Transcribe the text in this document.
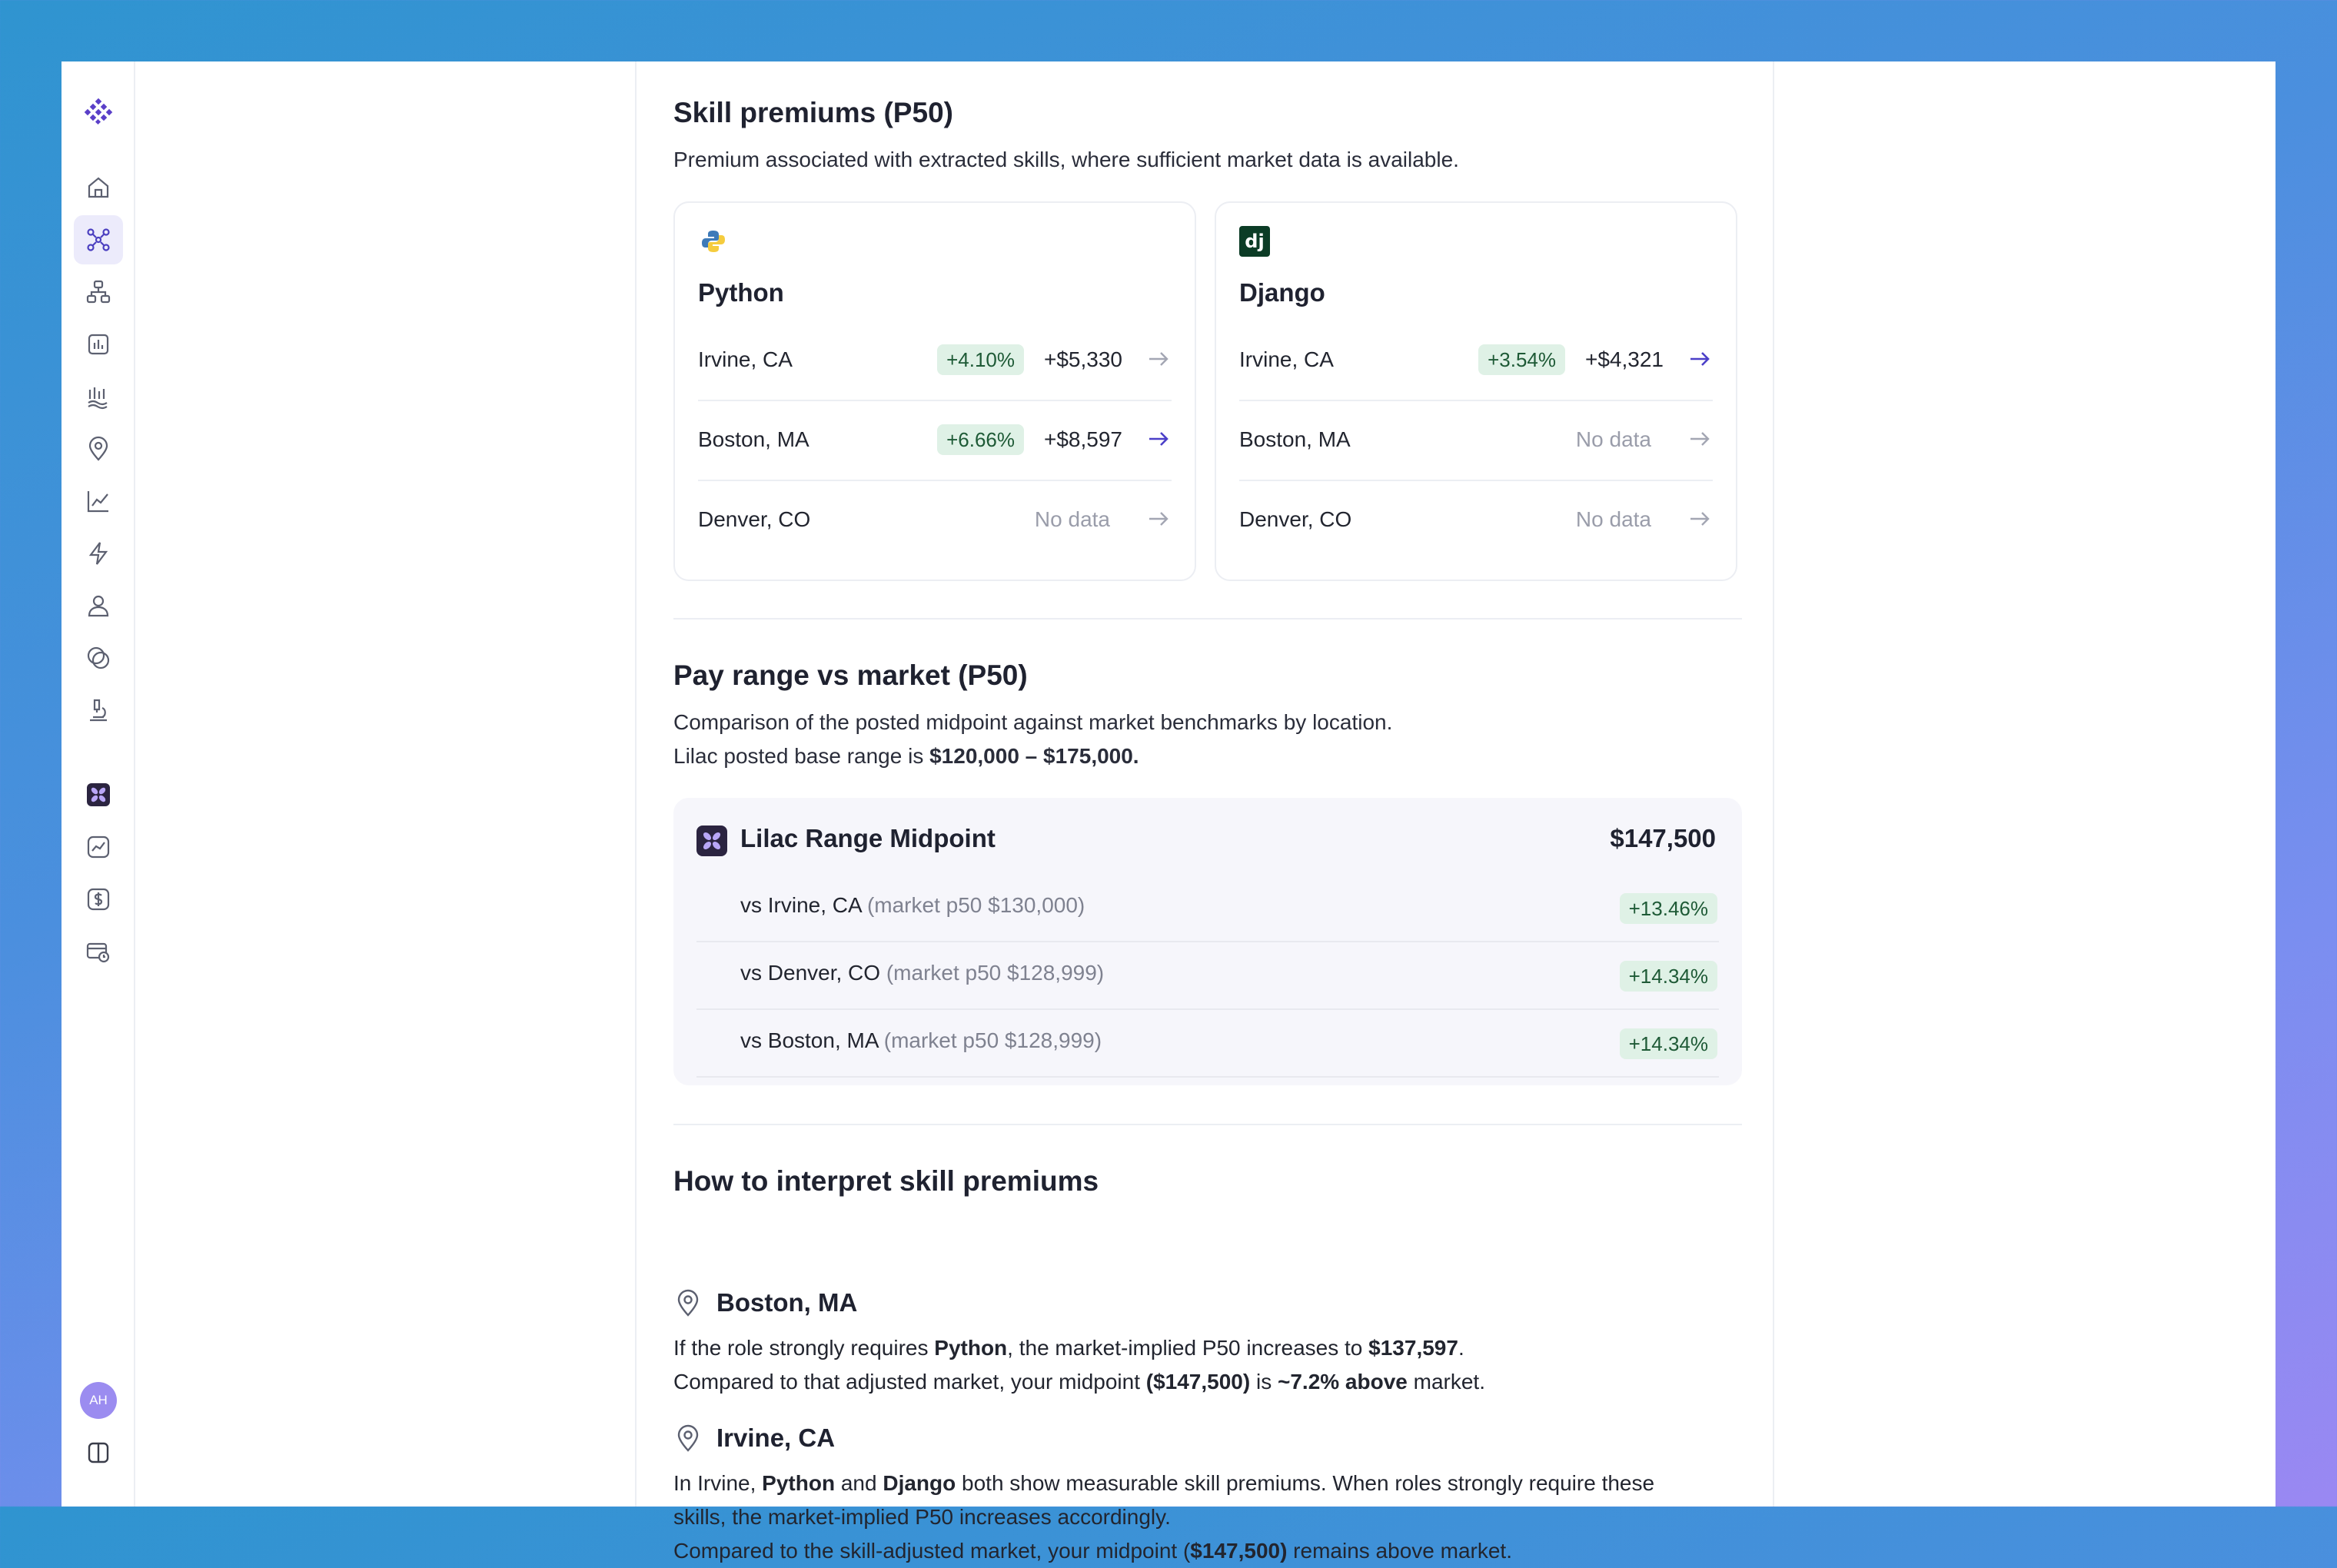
AH
Skill premiums (P50)
Premium associated with extracted skills, where sufficient market data is available.
Python
Irvine, CA	+4.10%	+$5,330
Boston, MA	+6.66%	+$8,597
Denver, CO	No data
dj
Django
Irvine, CA	+3.54%	+$4,321
Boston, MA	No data
Denver, CO	No data
Pay range vs market (P50)
Comparison of the posted midpoint against market benchmarks by location.
Lilac posted base range is $120,000 – $175,000.
Lilac Range Midpoint	$147,500
vs Irvine, CA (market p50 $130,000)	+13.46%
vs Denver, CO (market p50 $128,999)	+14.34%
vs Boston, MA (market p50 $128,999)	+14.34%
How to interpret skill premiums
Boston, MA
If the role strongly requires Python, the market-implied P50 increases to $137,597.
Compared to that adjusted market, your midpoint ($147,500) is ~7.2% above market.
Irvine, CA
In Irvine, Python and Django both show measurable skill premiums. When roles strongly require these
skills, the market-implied P50 increases accordingly.
Compared to the skill-adjusted market, your midpoint ($147,500) remains above market.
